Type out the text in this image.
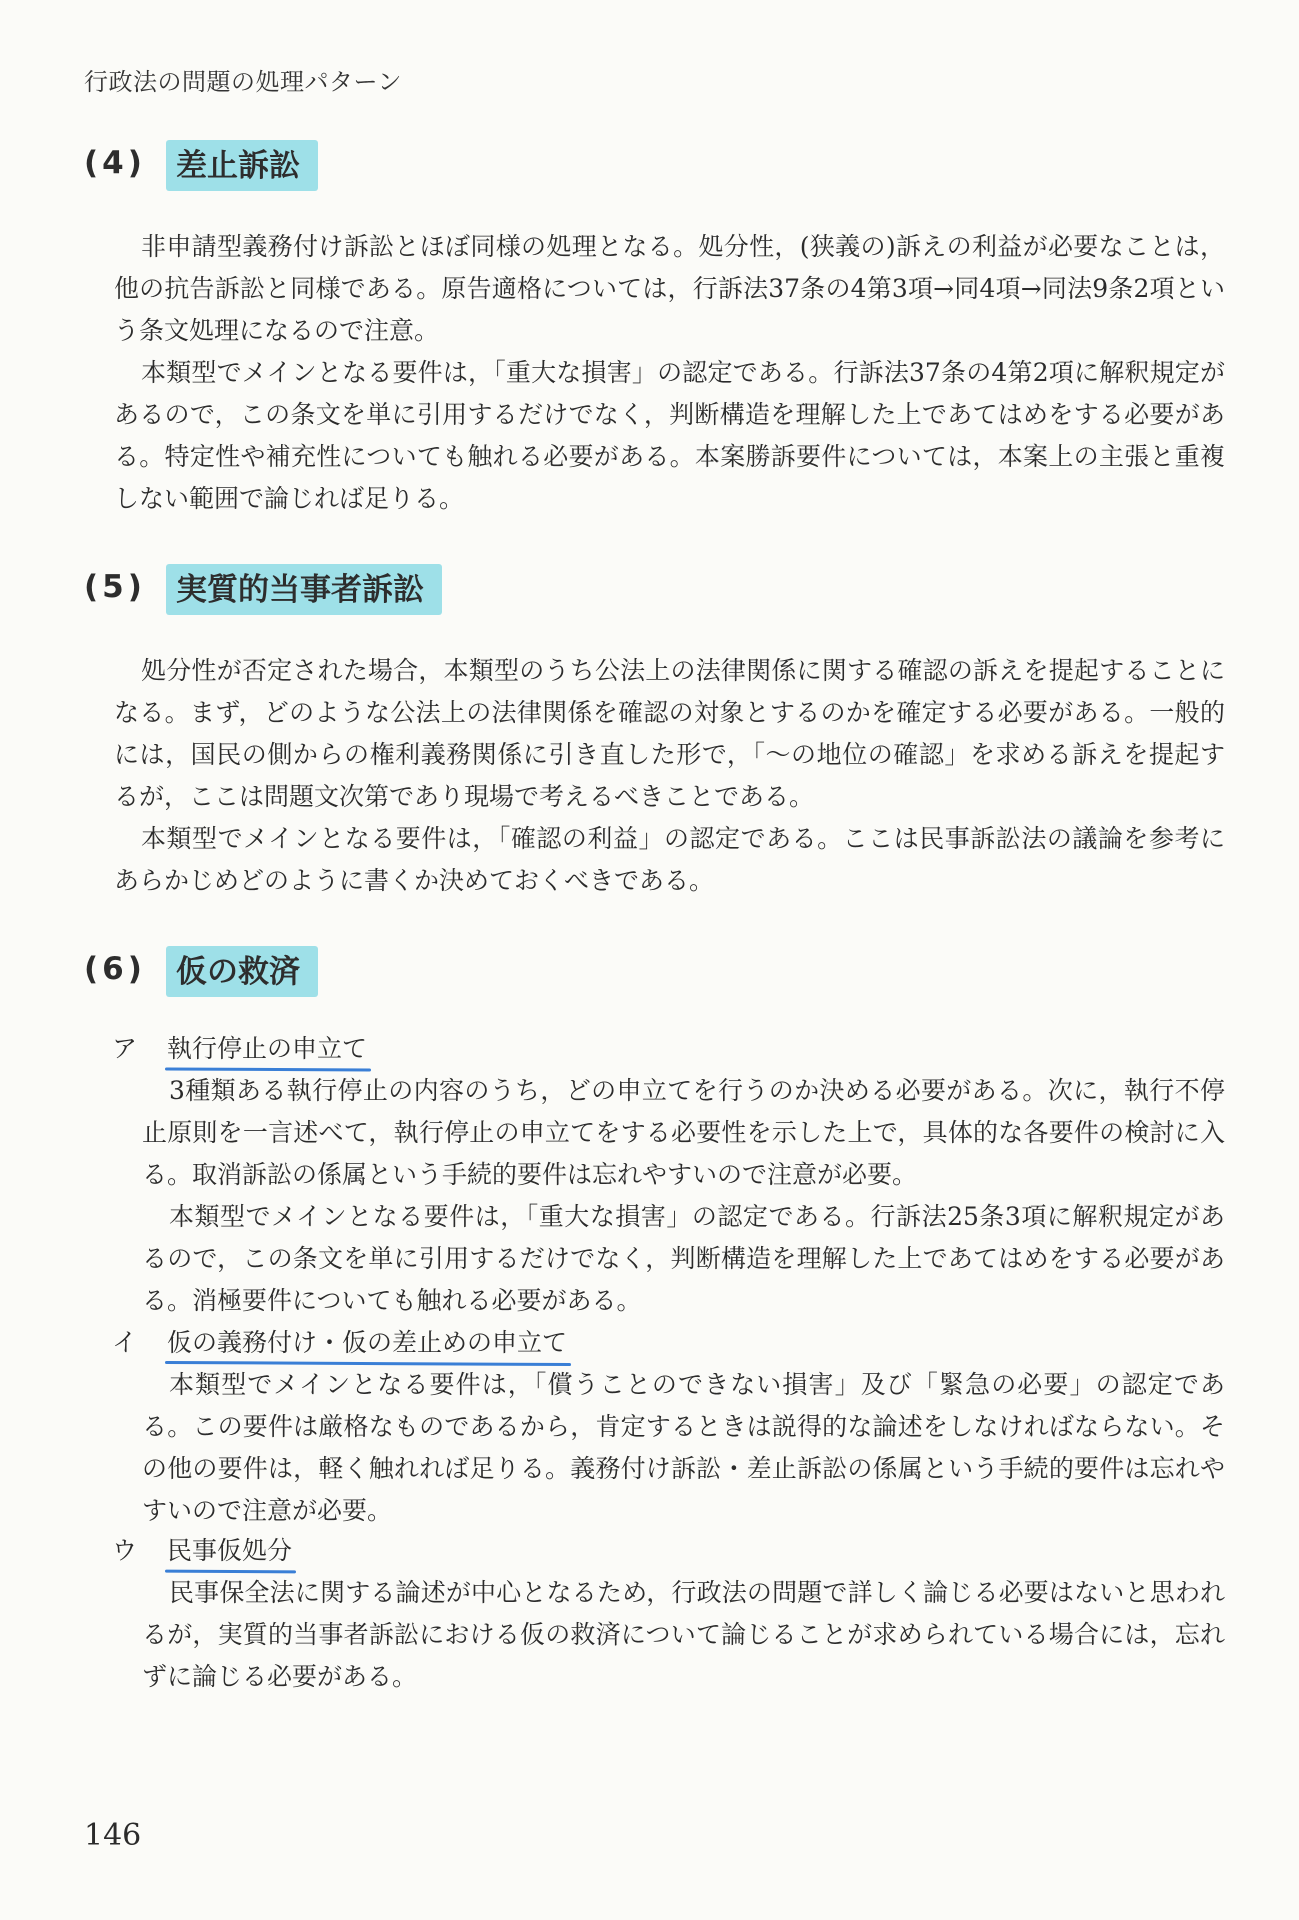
行政法の問題の処理パターン
(4) 差止訴訟

非申請型義務付け訴訟とほぼ同様の処理となる。処分性，(狭義の)訴えの利益が必要なことは，他の抗告訴訟と同様である。原告適格については，行訴法37条の4第3項→同4項→同法9条2項という条文処理になるので注意。

本類型でメインとなる要件は，「重大な損害」の認定である。行訴法37条の4第2項に解釈規定があるので，この条文を単に引用するだけでなく，判断構造を理解した上であてはめをする必要がある。特定性や補充性についても触れる必要がある。本案勝訴要件については，本案上の主張と重複しない範囲で論じれば足りる。

(5) 実質的当事者訴訟

処分性が否定された場合，本類型のうち公法上の法律関係に関する確認の訴えを提起することになる。まず，どのような公法上の法律関係を確認の対象とするのかを確定する必要がある。一般的には，国民の側からの権利義務関係に引き直した形で，「〜の地位の確認」を求める訴えを提起するが，ここは問題文次第であり現場で考えるべきことである。

本類型でメインとなる要件は，「確認の利益」の認定である。ここは民事訴訟法の議論を参考にあらかじめどのように書くか決めておくべきである。

(6) 仮の救済
ア	執行停止の申立て

3種類ある執行停止の内容のうち，どの申立てを行うのか決める必要がある。次に，執行不停止原則を一言述べて，執行停止の申立てをする必要性を示した上で，具体的な各要件の検討に入る。取消訴訟の係属という手続的要件は忘れやすいので注意が必要。

本類型でメインとなる要件は，「重大な損害」の認定である。行訴法25条3項に解釈規定があるので，この条文を単に引用するだけでなく，判断構造を理解した上であてはめをする必要がある。消極要件についても触れる必要がある。

イ	仮の義務付け・仮の差止めの申立て

本類型でメインとなる要件は，「償うことのできない損害」及び「緊急の必要」の認定である。この要件は厳格なものであるから，肯定するときは説得的な論述をしなければならない。その他の要件は，軽く触れれば足りる。義務付け訴訟・差止訴訟の係属という手続的要件は忘れやすいので注意が必要。

ウ	民事仮処分

民事保全法に関する論述が中心となるため，行政法の問題で詳しく論じる必要はないと思われるが，実質的当事者訴訟における仮の救済について論じることが求められている場合には，忘れずに論じる必要がある。

146
